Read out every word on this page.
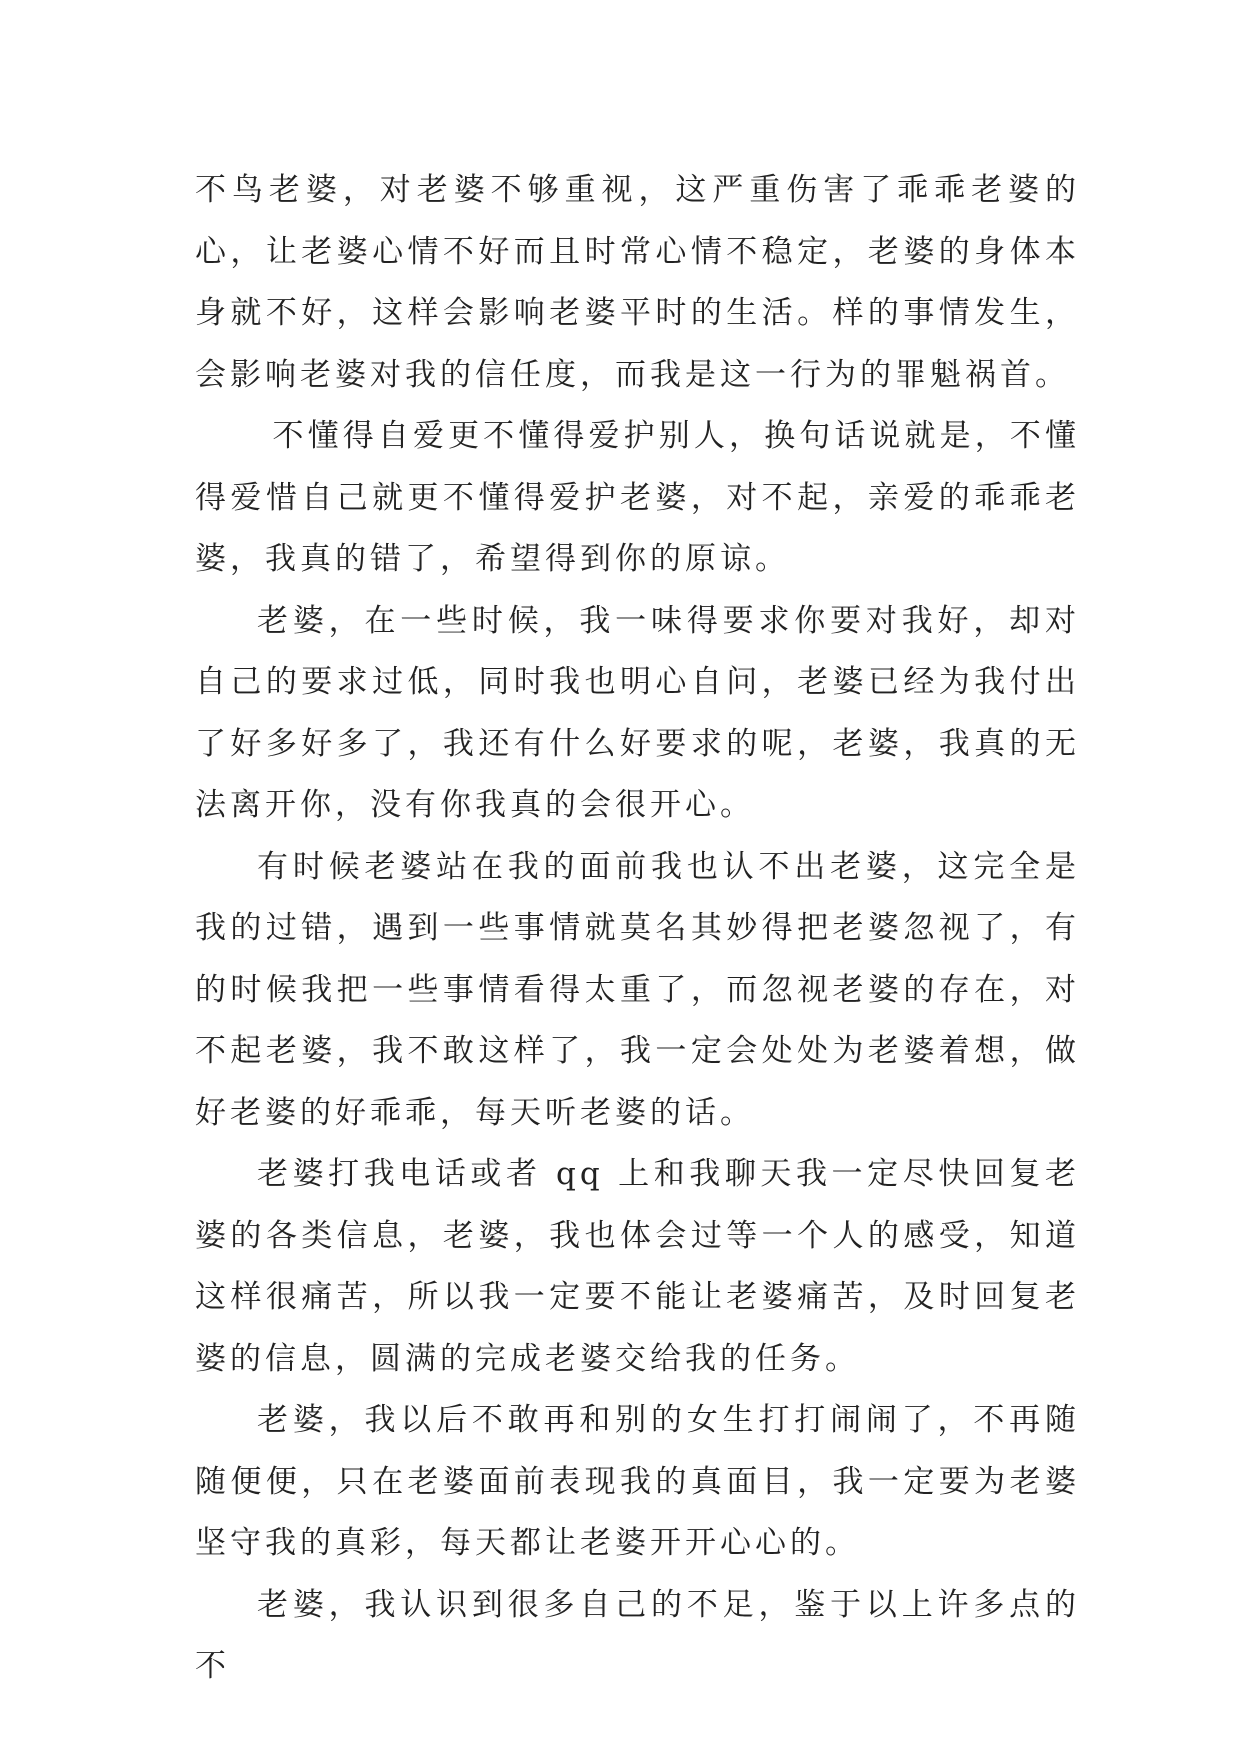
不鸟老婆，对老婆不够重视，这严重伤害了乖乖老婆的心，让老婆心情不好而且时常心情不稳定，老婆的身体本身就不好，这样会影响老婆平时的生活。样的事情发生，会影响老婆对我的信任度，而我是这一行为的罪魁祸首。

不懂得自爱更不懂得爱护别人，换句话说就是，不懂得爱惜自己就更不懂得爱护老婆，对不起，亲爱的乖乖老婆，我真的错了，希望得到你的原谅。

老婆，在一些时候，我一味得要求你要对我好，却对自己的要求过低，同时我也明心自问，老婆已经为我付出了好多好多了，我还有什么好要求的呢，老婆，我真的无法离开你，没有你我真的会很开心。

有时候老婆站在我的面前我也认不出老婆，这完全是我的过错，遇到一些事情就莫名其妙得把老婆忽视了，有的时候我把一些事情看得太重了，而忽视老婆的存在，对不起老婆，我不敢这样了，我一定会处处为老婆着想，做好老婆的好乖乖，每天听老婆的话。

老婆打我电话或者 qq 上和我聊天我一定尽快回复老婆的各类信息，老婆，我也体会过等一个人的感受，知道这样很痛苦，所以我一定要不能让老婆痛苦，及时回复老婆的信息，圆满的完成老婆交给我的任务。

老婆，我以后不敢再和别的女生打打闹闹了，不再随随便便，只在老婆面前表现我的真面目，我一定要为老婆坚守我的真彩，每天都让老婆开开心心的。

老婆，我认识到很多自己的不足，鉴于以上许多点的不
